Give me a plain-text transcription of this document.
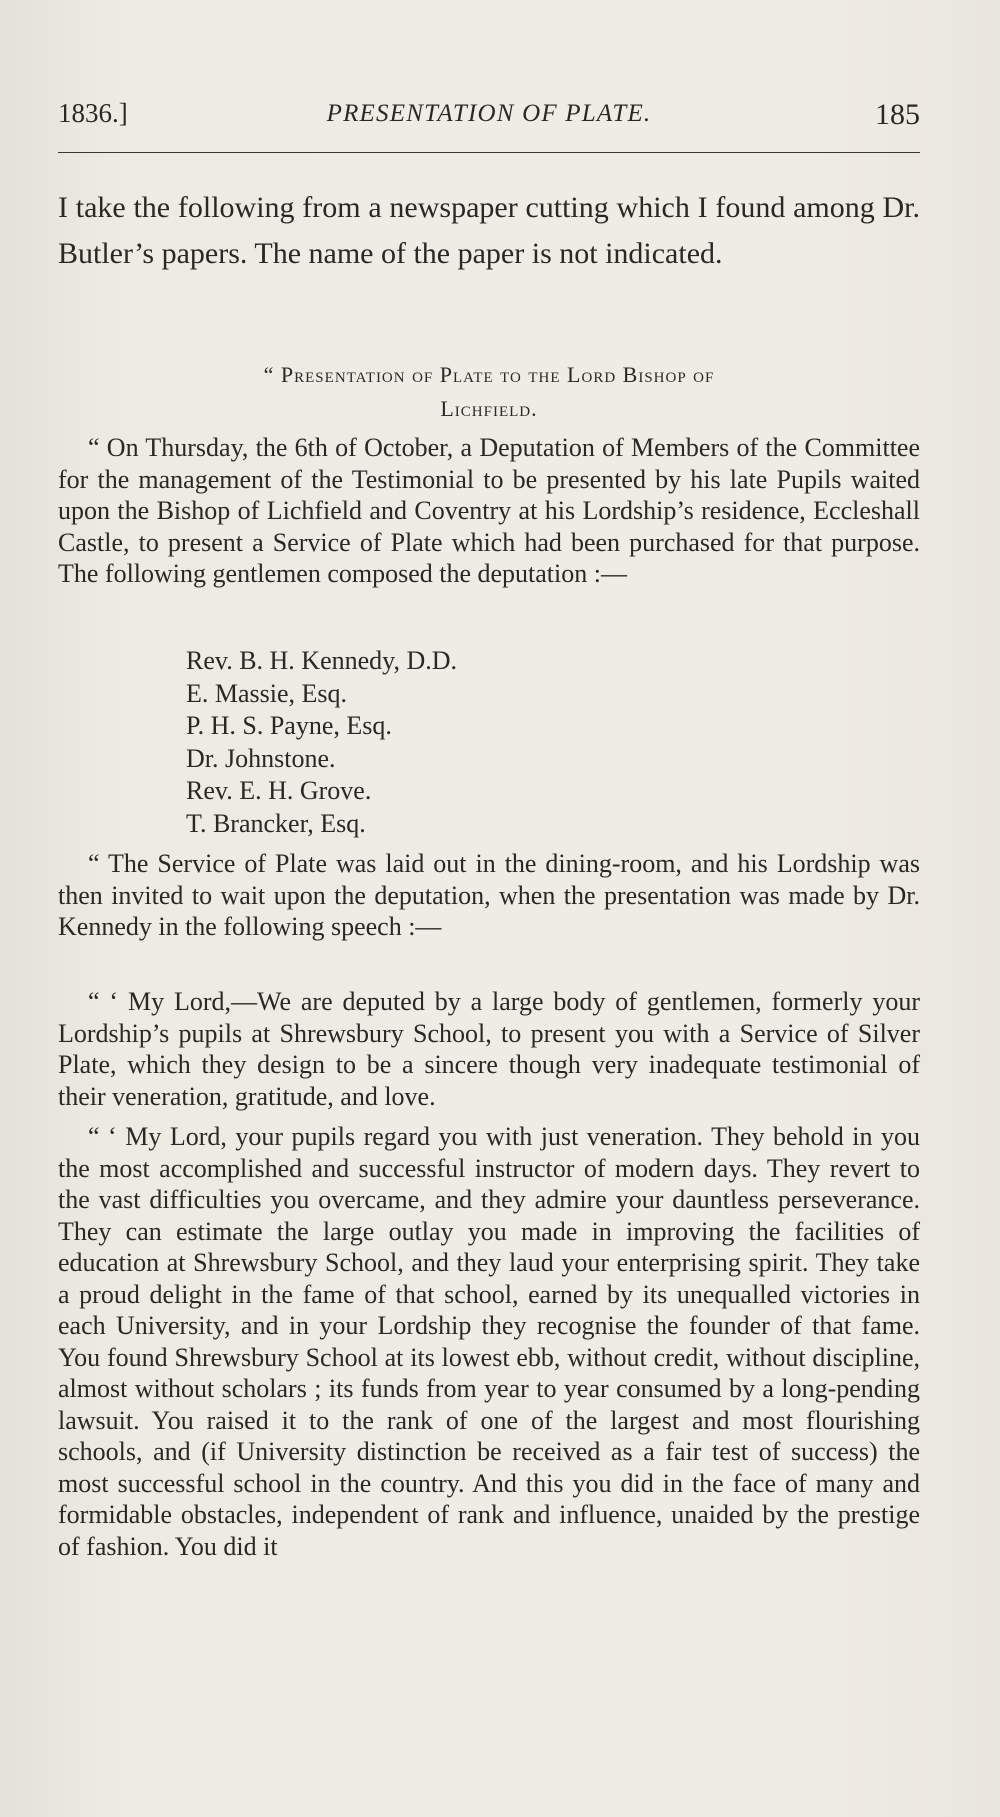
1836.]	PRESENTATION OF PLATE.	185
I take the following from a newspaper cutting which I found among Dr. Butler’s papers. The name of the paper is not indicated.
“ Presentation of Plate to the Lord Bishop of
Lichfield.
“ On Thursday, the 6th of October, a Deputation of Members of the Committee for the management of the Testimonial to be presented by his late Pupils waited upon the Bishop of Lichfield and Coventry at his Lordship’s residence, Eccleshall Castle, to present a Service of Plate which had been purchased for that purpose. The following gentlemen composed the deputation :—
Rev. B. H. Kennedy, D.D.
E. Massie, Esq.
P. H. S. Payne, Esq.
Dr. Johnstone.
Rev. E. H. Grove.
T. Brancker, Esq.
“ The Service of Plate was laid out in the dining-room, and his Lordship was then invited to wait upon the deputation, when the presentation was made by Dr. Kennedy in the following speech :—
“ ‘ My Lord,—We are deputed by a large body of gentlemen, formerly your Lordship’s pupils at Shrewsbury School, to present you with a Service of Silver Plate, which they design to be a sincere though very inadequate testimonial of their veneration, gratitude, and love.
“ ‘ My Lord, your pupils regard you with just veneration. They behold in you the most accomplished and successful instructor of modern days. They revert to the vast difficulties you overcame, and they admire your dauntless perseverance. They can estimate the large outlay you made in improving the facilities of education at Shrewsbury School, and they laud your enterprising spirit. They take a proud delight in the fame of that school, earned by its unequalled victories in each University, and in your Lordship they recognise the founder of that fame. You found Shrewsbury School at its lowest ebb, without credit, without discipline, almost without scholars ; its funds from year to year consumed by a long-pending lawsuit. You raised it to the rank of one of the largest and most flourishing schools, and (if University distinction be received as a fair test of success) the most successful school in the country. And this you did in the face of many and formidable obstacles, independent of rank and influence, unaided by the prestige of fashion. You did it
